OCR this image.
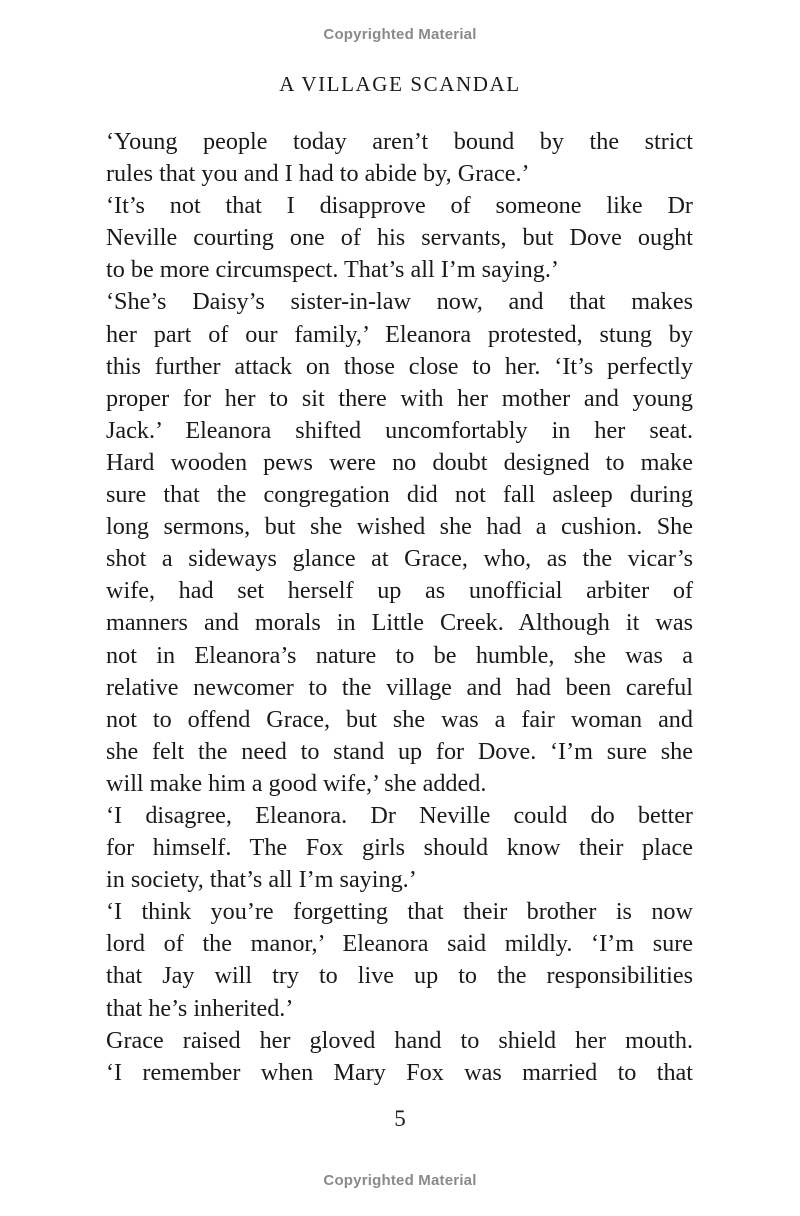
Copyrighted Material
A VILLAGE SCANDAL
‘Young people today aren’t bound by the strict
rules that you and I had to abide by, Grace.’
‘It’s not that I disapprove of someone like Dr
Neville courting one of his servants, but Dove ought
to be more circumspect. That’s all I’m saying.’
‘She’s Daisy’s sister-in-law now, and that makes
her part of our family,’ Eleanora protested, stung by
this further attack on those close to her. ‘It’s perfectly
proper for her to sit there with her mother and young
Jack.’ Eleanora shifted uncomfortably in her seat.
Hard wooden pews were no doubt designed to make
sure that the congregation did not fall asleep during
long sermons, but she wished she had a cushion. She
shot a sideways glance at Grace, who, as the vicar’s
wife, had set herself up as unofficial arbiter of
manners and morals in Little Creek. Although it was
not in Eleanora’s nature to be humble, she was a
relative newcomer to the village and had been careful
not to offend Grace, but she was a fair woman and
she felt the need to stand up for Dove. ‘I’m sure she
will make him a good wife,’ she added.
‘I disagree, Eleanora. Dr Neville could do better
for himself. The Fox girls should know their place
in society, that’s all I’m saying.’
‘I think you’re forgetting that their brother is now
lord of the manor,’ Eleanora said mildly. ‘I’m sure
that Jay will try to live up to the responsibilities
that he’s inherited.’
Grace raised her gloved hand to shield her mouth.
‘I remember when Mary Fox was married to that
5
Copyrighted Material
